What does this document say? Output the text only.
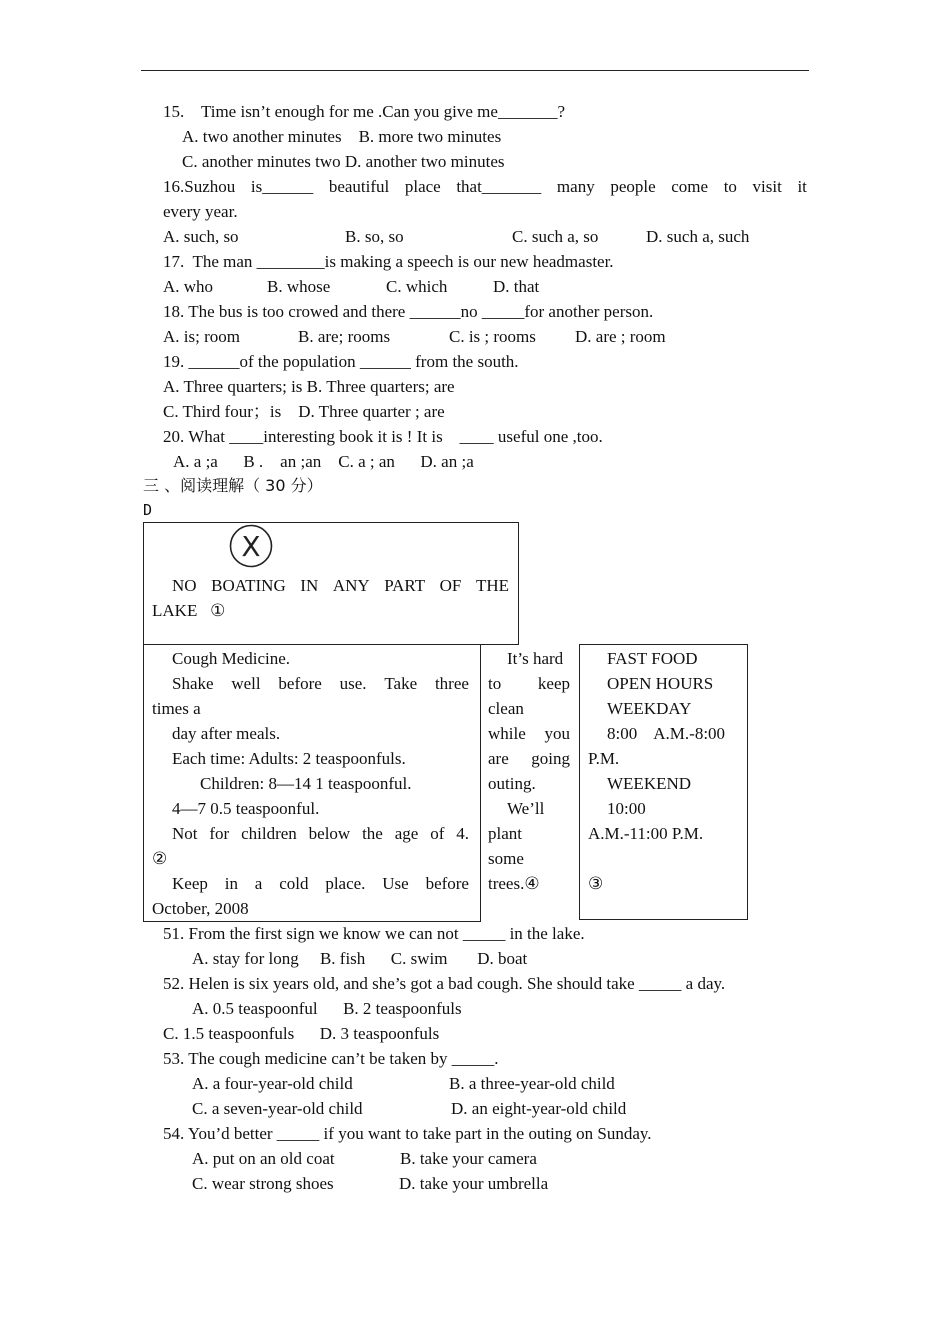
15.    Time isn’t enough for me .Can you give me_______?
A. two another minutes    B. more two minutes
C. another minutes two D. another two minutes
16.Suzhou is______ beautiful place that_______ many people come to visit it
every year.
A. such, so	B. so, so	C. such a, so	D. such a, such
17.  The man ________is making a speech is our new headmaster.
A. who	B. whose	C. which	D. that
18. The bus is too crowed and there ______no _____for another person.
A. is; room	B. are; rooms	C. is ; rooms D. are ; room
19. ______of the population ______ from the south.
A. Three quarters; is B. Three quarters; are
C. Third four；is    D. Three quarter ; are
20. What ____interesting book it is ! It is    ____ useful one ,too.
A. a ;a      B .    an ;an    C. a ; an      D. an ;a
三 、阅读理解（ 30 分）
D
X
NO BOATING IN ANY PART OF THE
LAKE   ①
Cough Medicine.
Shake well before use. Take three
times a
day after meals.
Each time: Adults: 2 teaspoonfuls.
Children: 8—14 1 teaspoonful.
4—7 0.5 teaspoonful.
Not for children below the age of 4.
②
Keep in a cold place. Use before
October, 2008
It’s hard
to keep
clean
while you
are going
outing.
We’ll
plant
some
trees.④
FAST FOOD
OPEN HOURS
WEEKDAY
8:00    A.M.-8:00
P.M.
WEEKEND
10:00
A.M.-11:00 P.M.
③
51. From the first sign we know we can not _____ in the lake.
A. stay for long     B. fish      C. swim       D. boat
52. Helen is six years old, and she’s got a bad cough. She should take _____ a day.
A. 0.5 teaspoonful      B. 2 teaspoonfuls
C. 1.5 teaspoonfuls      D. 3 teaspoonfuls
53. The cough medicine can’t be taken by _____.
A. a four-year-old child	B. a three-year-old child
C. a seven-year-old child	D. an eight-year-old child
54. You’d better _____ if you want to take part in the outing on Sunday.
A. put on an old coat	B. take your camera
C. wear strong shoes	D. take your umbrella
